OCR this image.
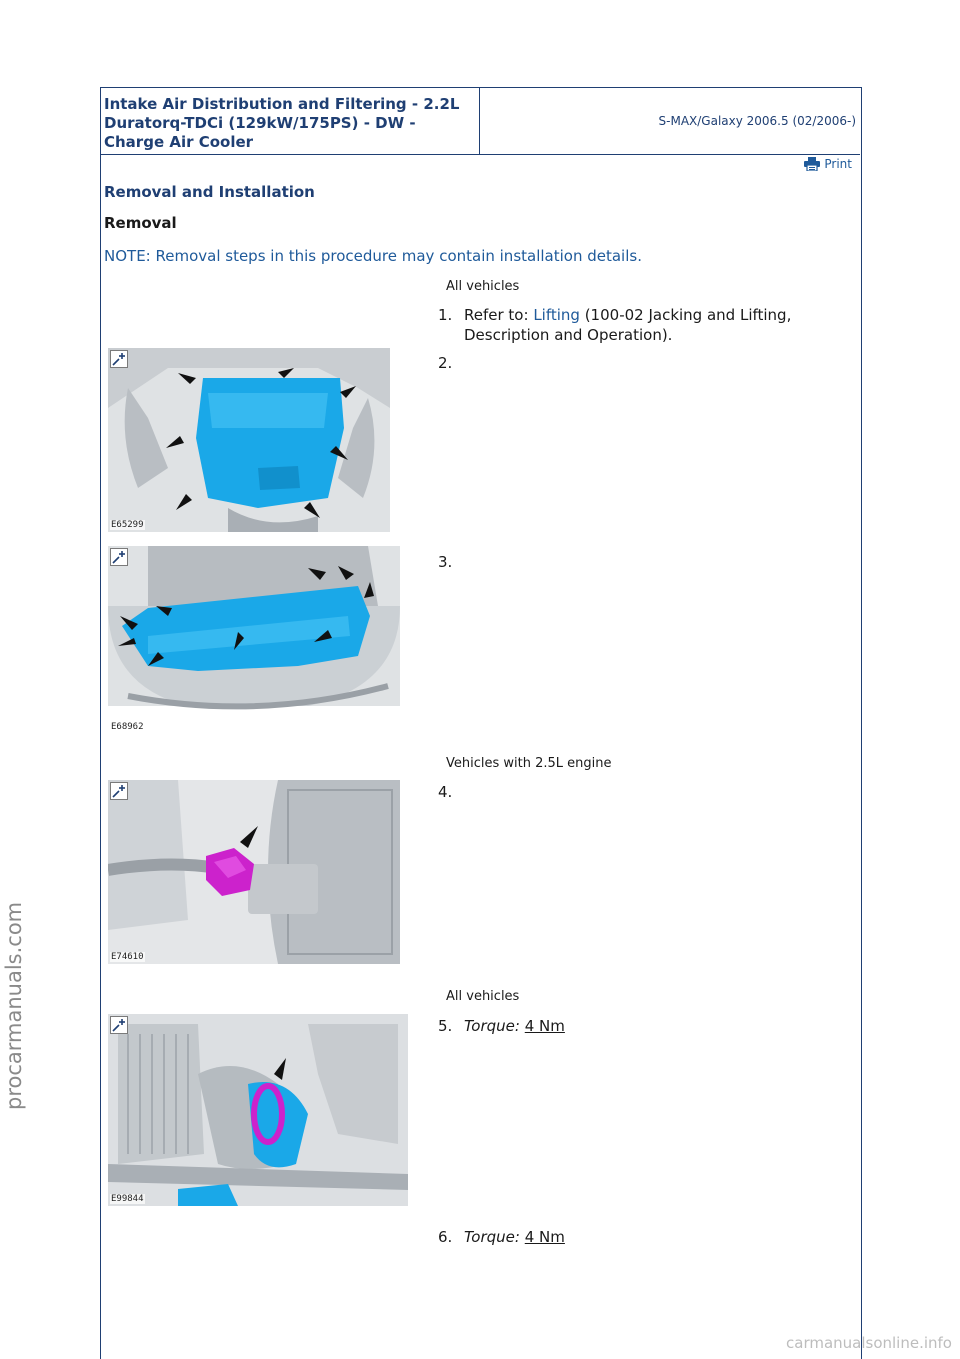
Intake Air Distribution and Filtering - 2.2L Duratorq-TDCi (129kW/175PS) - DW - Charge Air Cooler
S-MAX/Galaxy 2006.5 (02/2006-)
Print
Removal and Installation
Removal
NOTE: Removal steps in this procedure may contain installation details.
All vehicles
1. Refer to: Lifting (100-02 Jacking and Lifting, Description and Operation).
E65299
2.
E68962
3.
Vehicles with 2.5L engine
E74610
4.
All vehicles
E99844
5. Torque: 4 Nm
6. Torque: 4 Nm
procarmanuals.com
carmanualsonline.info
